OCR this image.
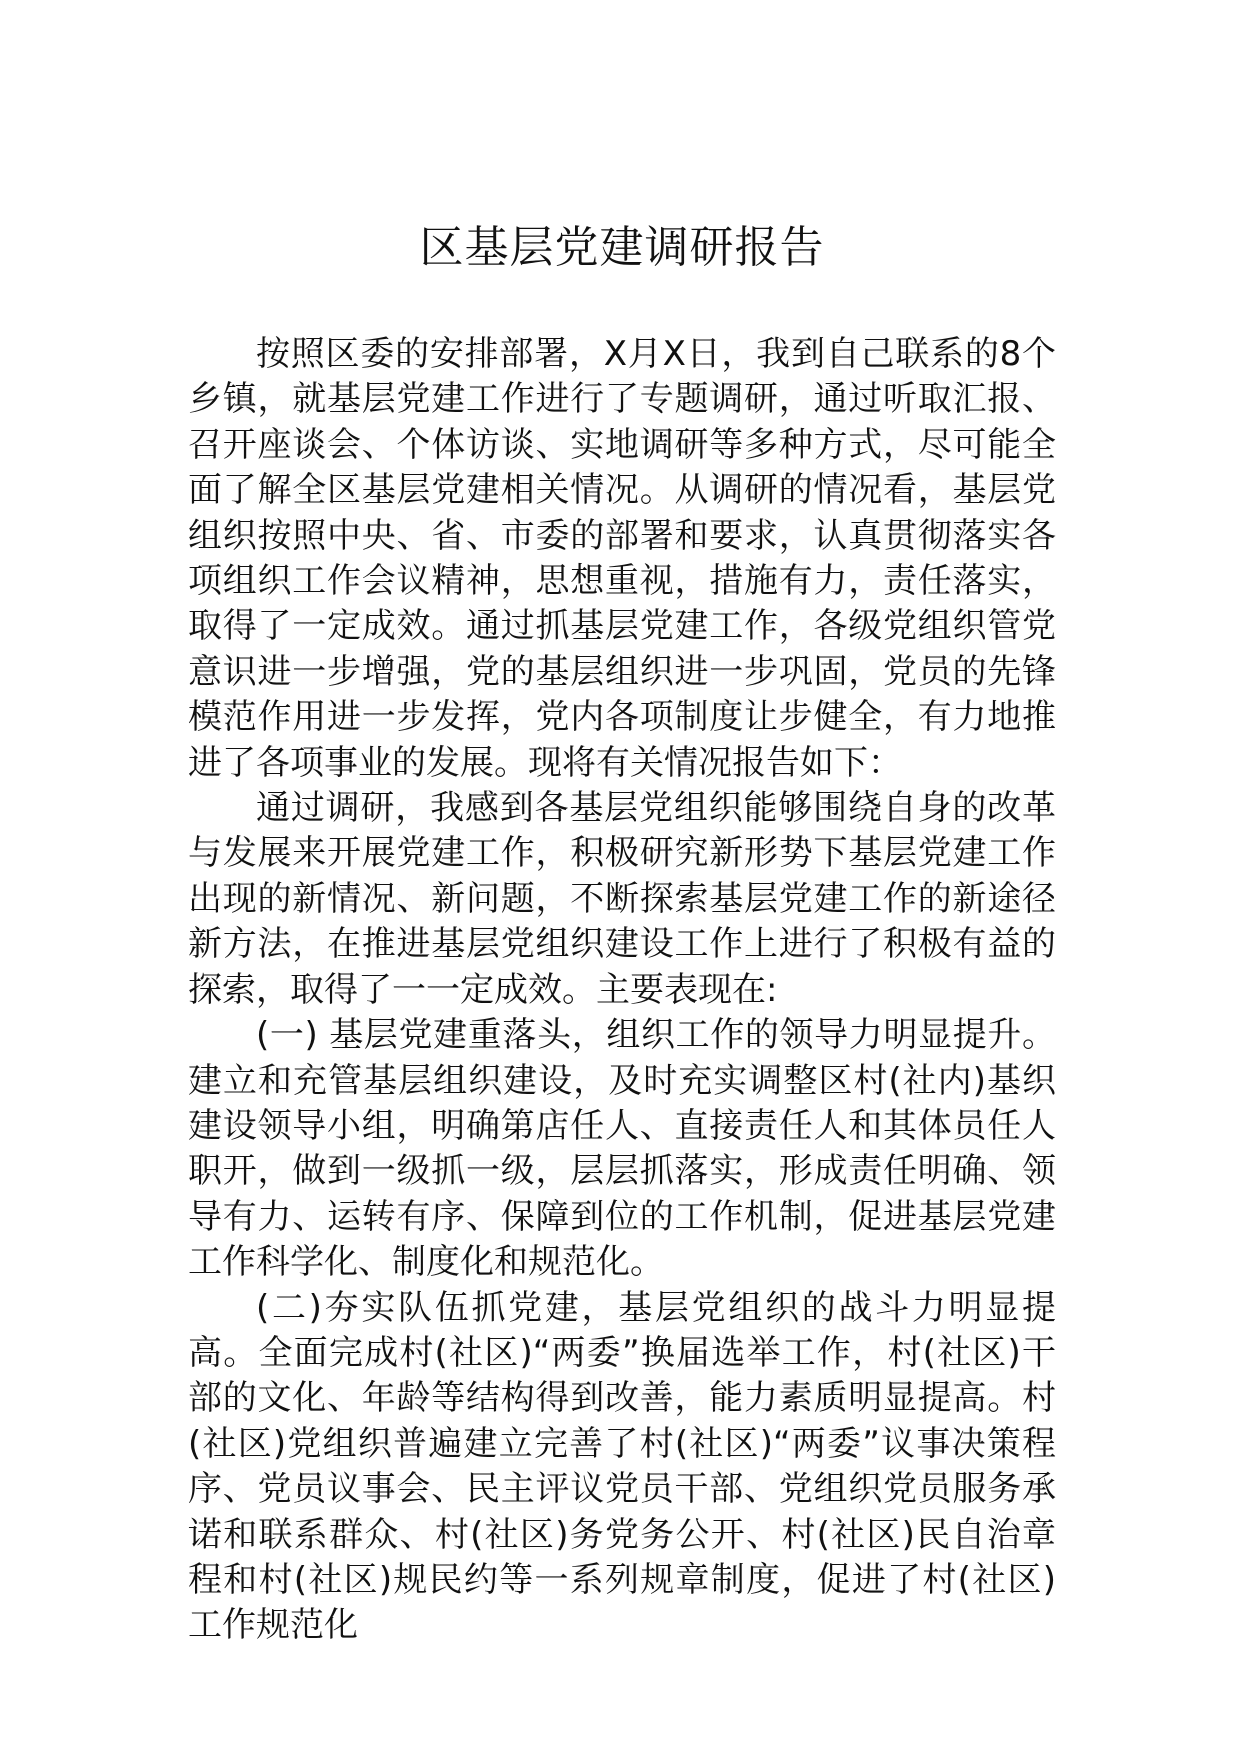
区基层党建调研报告

按照区委的安排部署，X月X日，我到自己联系的8个乡镇，就基层党建工作进行了专题调研，通过听取汇报、召开座谈会、个体访谈、实地调研等多种方式，尽可能全面了解全区基层党建相关情况。从调研的情况看，基层党组织按照中央、省、市委的部署和要求，认真贯彻落实各项组织工作会议精神，思想重视，措施有力，责任落实，取得了一定成效。通过抓基层党建工作，各级党组织管党意识进一步增强，党的基层组织进一步巩固，党员的先锋模范作用进一步发挥，党内各项制度让步健全，有力地推进了各项事业的发展。现将有关情况报告如下：

通过调研，我感到各基层党组织能够围绕自身的改革与发展来开展党建工作，积极研究新形势下基层党建工作出现的新情况、新问题，不断探索基层党建工作的新途径新方法，在推进基层党组织建设工作上进行了积极有益的探索，取得了一一定成效。主要表现在:

(一) 基层党建重落头，组织工作的领导力明显提升。建立和充管基层组织建设，及时充实调整区村(社内)基织建设领导小组，明确第店任人、直接责任人和其体员任人职开，做到一级抓一级，层层抓落实，形成责任明确、领导有力、运转有序、保障到位的工作机制，促进基层党建工作科学化、制度化和规范化。

(二)夯实队伍抓党建，基层党组织的战斗力明显提高。全面完成村(社区)“两委”换届选举工作，村(社区)干部的文化、年龄等结构得到改善，能力素质明显提高。村(社区)党组织普遍建立完善了村(社区)“两委”议事决策程序、党员议事会、民主评议党员干部、党组织党员服务承诺和联系群众、村(社区)务党务公开、村(社区)民自治章程和村(社区)规民约等一系列规章制度，促进了村(社区)工作规范化
